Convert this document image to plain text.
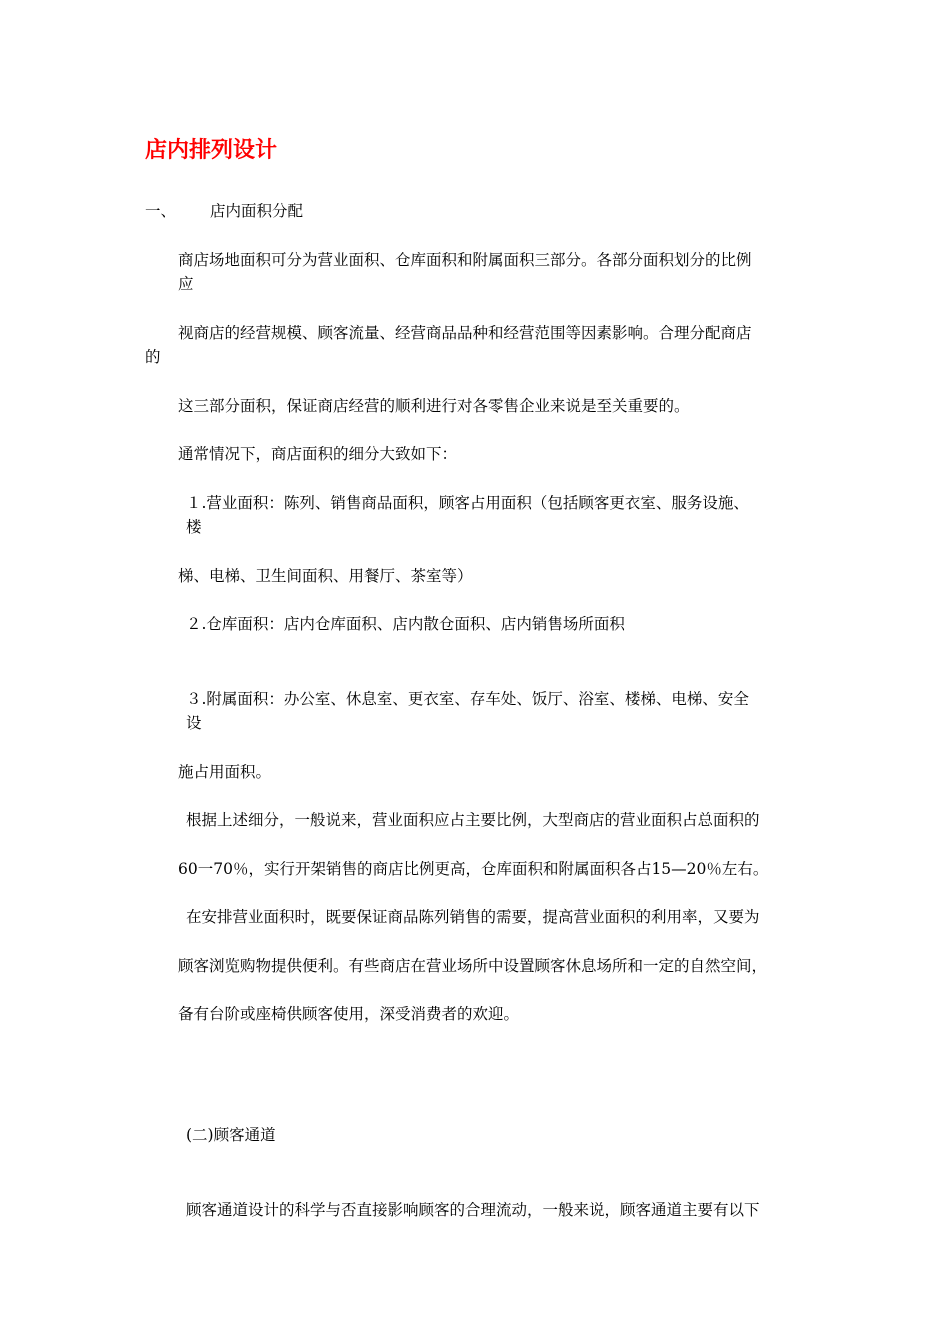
店内排列设计
一、 店内面积分配
商店场地面积可分为营业面积、仓库面积和附属面积三部分。各部分面积划分的比例
应
视商店的经营规模、顾客流量、经营商品品种和经营范围等因素影响。合理分配商店
的
这三部分面积，保证商店经营的顺利进行对各零售企业来说是至关重要的。
通常情况下，商店面积的细分大致如下：
１.营业面积：陈列、销售商品面积，顾客占用面积（包括顾客更衣室、服务设施、
楼
梯、电梯、卫生间面积、用餐厅、茶室等）
２.仓库面积：店内仓库面积、店内散仓面积、店内销售场所面积
３.附属面积：办公室、休息室、更衣室、存车处、饭厅、浴室、楼梯、电梯、安全
设
施占用面积。
根据上述细分，一般说来，营业面积应占主要比例，大型商店的营业面积占总面积的
60一70％，实行开架销售的商店比例更高，仓库面积和附属面积各占15—20％左右。
在安排营业面积时，既要保证商品陈列销售的需要，提高营业面积的利用率，又要为
顾客浏览购物提供便利。有些商店在营业场所中设置顾客休息场所和一定的自然空间，
备有台阶或座椅供顾客使用，深受消费者的欢迎。
(二)顾客通道
顾客通道设计的科学与否直接影响顾客的合理流动，一般来说，顾客通道主要有以下
